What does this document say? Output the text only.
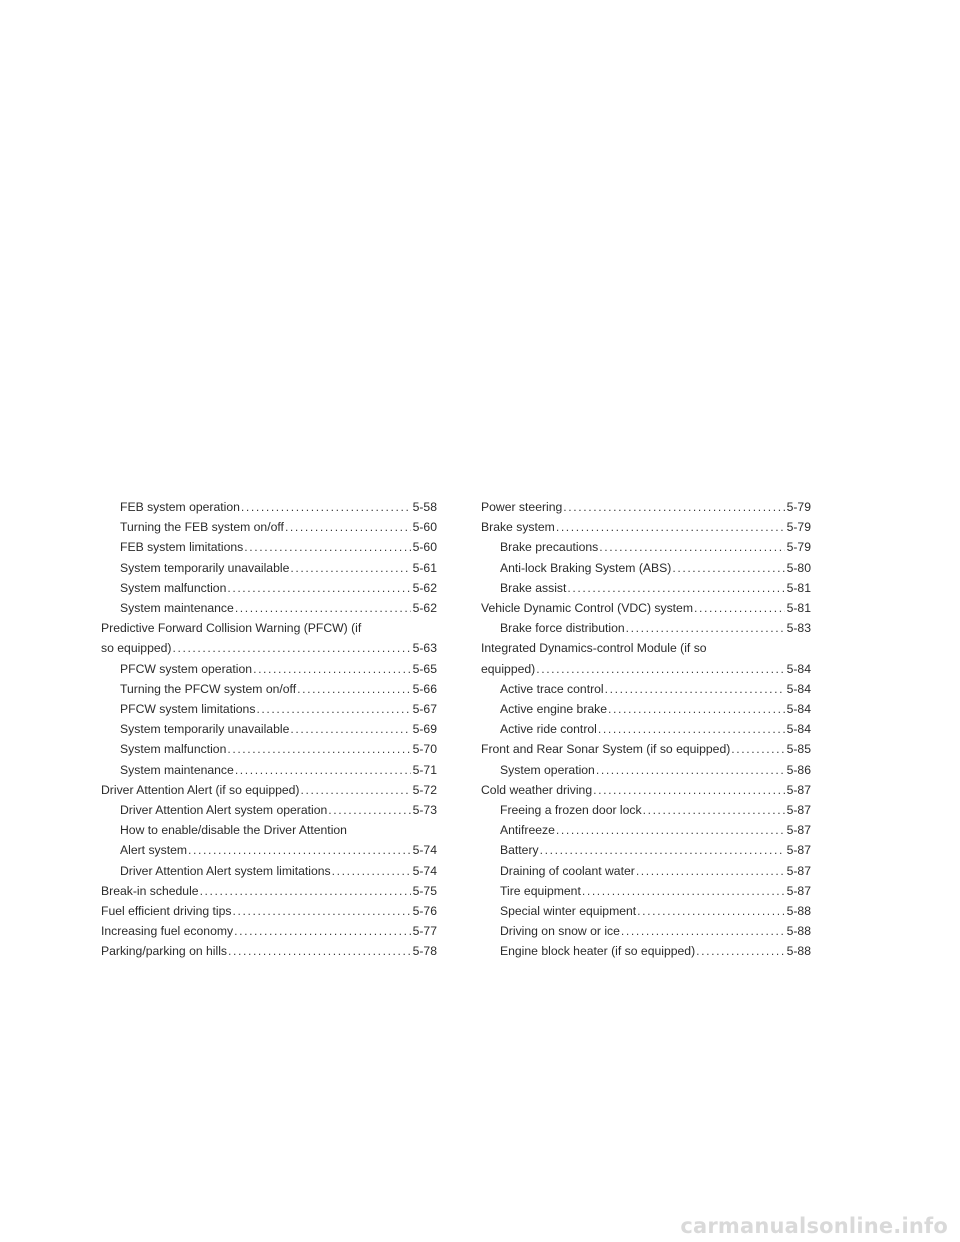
FEB system operation .....	5-58
Turning the FEB system on/off .....	5-60
FEB system limitations .....	5-60
System temporarily unavailable .....	5-61
System malfunction .....	5-62
System maintenance .....	5-62
Predictive Forward Collision Warning (PFCW) (if
so equipped) .....	5-63
PFCW system operation .....	5-65
Turning the PFCW system on/off .....	5-66
PFCW system limitations .....	5-67
System temporarily unavailable .....	5-69
System malfunction .....	5-70
System maintenance .....	5-71
Driver Attention Alert (if so equipped) .....	5-72
Driver Attention Alert system operation .....	5-73
How to enable/disable the Driver Attention
Alert system .....	5-74
Driver Attention Alert system limitations .....	5-74
Break-in schedule .....	5-75
Fuel efficient driving tips .....	5-76
Increasing fuel economy .....	5-77
Parking/parking on hills .....	5-78
Power steering .....	5-79
Brake system .....	5-79
Brake precautions .....	5-79
Anti-lock Braking System (ABS) .....	5-80
Brake assist .....	5-81
Vehicle Dynamic Control (VDC) system .....	5-81
Brake force distribution .....	5-83
Integrated Dynamics-control Module (if so
equipped) .....	5-84
Active trace control .....	5-84
Active engine brake .....	5-84
Active ride control .....	5-84
Front and Rear Sonar System (if so equipped) .....	5-85
System operation .....	5-86
Cold weather driving .....	5-87
Freeing a frozen door lock .....	5-87
Antifreeze .....	5-87
Battery .....	5-87
Draining of coolant water .....	5-87
Tire equipment .....	5-87
Special winter equipment .....	5-88
Driving on snow or ice .....	5-88
Engine block heater (if so equipped) .....	5-88
carmanualsonline.info
